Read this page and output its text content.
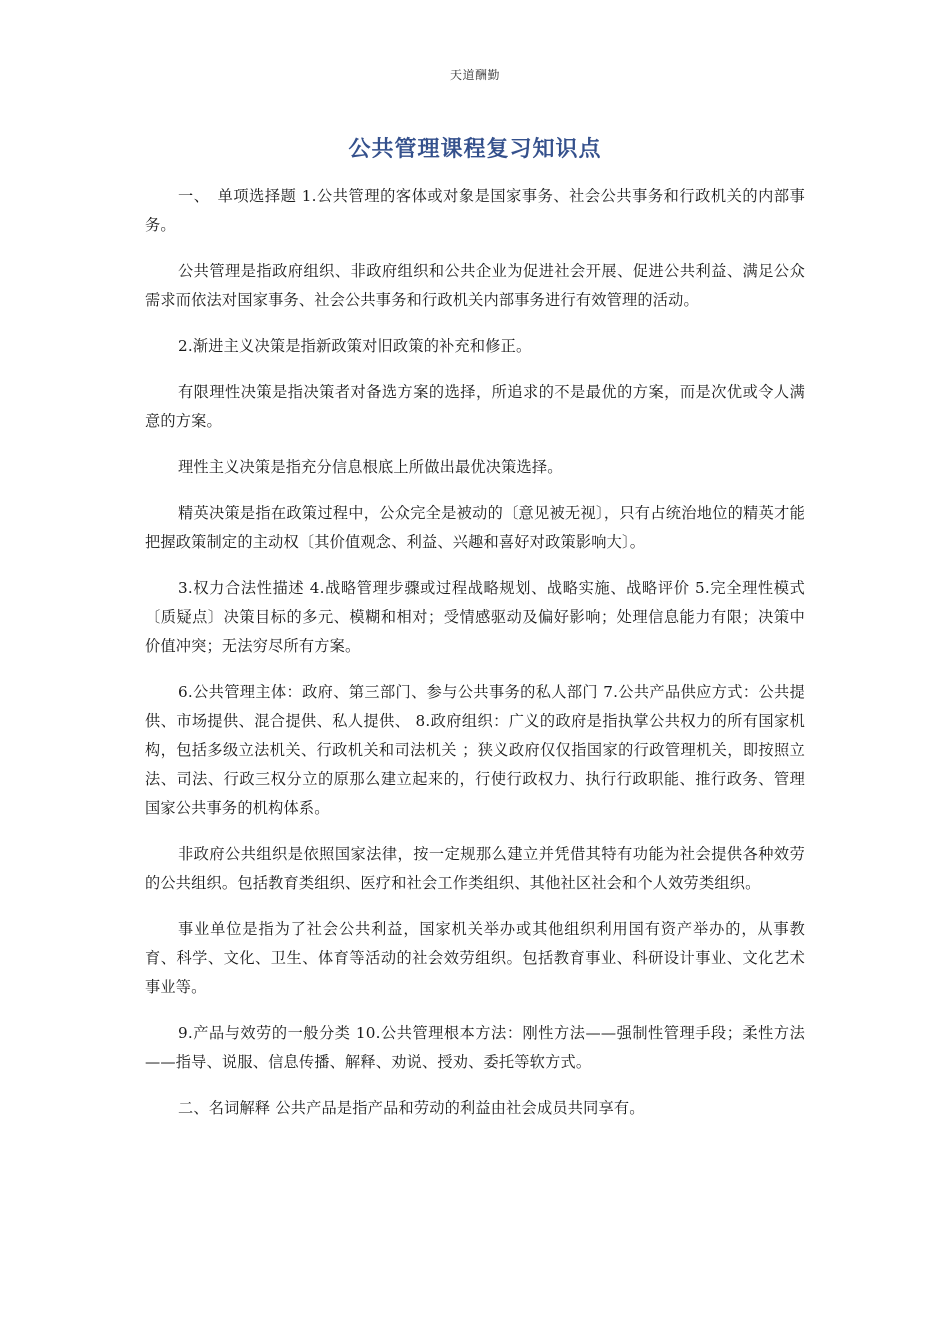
天道酬勤
公共管理课程复习知识点

一、　单项选择题 1.公共管理的客体或对象是国家事务、社会公共事务和行政机关的内部事务。

公共管理是指政府组织、非政府组织和公共企业为促进社会开展、促进公共利益、满足公众需求而依法对国家事务、社会公共事务和行政机关内部事务进行有效管理的活动。

2.渐进主义决策是指新政策对旧政策的补充和修正。

有限理性决策是指决策者对备选方案的选择，所追求的不是最优的方案，而是次优或令人满意的方案。

理性主义决策是指充分信息根底上所做出最优决策选择。

精英决策是指在政策过程中，公众完全是被动的〔意见被无视〕，只有占统治地位的精英才能把握政策制定的主动权〔其价值观念、利益、兴趣和喜好对政策影响大〕。

3.权力合法性描述 4.战略管理步骤或过程战略规划、战略实施、战略评价 5.完全理性模式〔质疑点〕决策目标的多元、模糊和相对；受情感驱动及偏好影响；处理信息能力有限；决策中价值冲突；无法穷尽所有方案。

6.公共管理主体：政府、第三部门、参与公共事务的私人部门 7.公共产品供应方式：公共提供、市场提供、混合提供、私人提供、 8.政府组织：广义的政府是指执掌公共权力的所有国家机构，包括多级立法机关、行政机关和司法机关 ；狭义政府仅仅指国家的行政管理机关，即按照立法、司法、行政三权分立的原那么建立起来的，行使行政权力、执行行政职能、推行政务、管理国家公共事务的机构体系。

非政府公共组织是依照国家法律，按一定规那么建立并凭借其特有功能为社会提供各种效劳的公共组织。包括教育类组织、医疗和社会工作类组织、其他社区社会和个人效劳类组织。

事业单位是指为了社会公共利益，国家机关举办或其他组织利用国有资产举办的，从事教育、科学、文化、卫生、体育等活动的社会效劳组织。包括教育事业、科研设计事业、文化艺术事业等。

9.产品与效劳的一般分类 10.公共管理根本方法：刚性方法——强制性管理手段；柔性方法——指导、说服、信息传播、解释、劝说、授劝、委托等软方式。

二、名词解释 公共产品是指产品和劳动的利益由社会成员共同享有。
